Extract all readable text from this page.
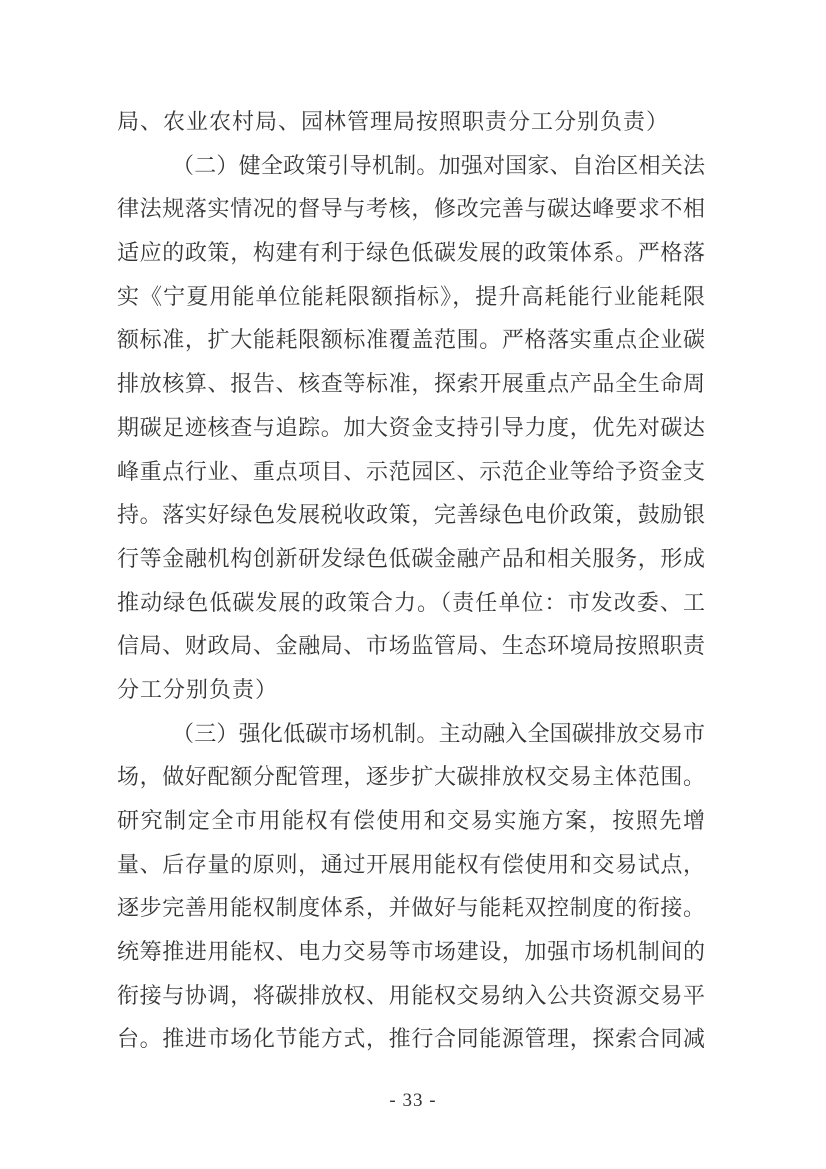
局、农业农村局、园林管理局按照职责分工分别负责）
（二）健全政策引导机制。加强对国家、自治区相关法
律法规落实情况的督导与考核，修改完善与碳达峰要求不相
适应的政策，构建有利于绿色低碳发展的政策体系。严格落
实《宁夏用能单位能耗限额指标》，提升高耗能行业能耗限
额标准，扩大能耗限额标准覆盖范围。严格落实重点企业碳
排放核算、报告、核查等标准，探索开展重点产品全生命周
期碳足迹核查与追踪。加大资金支持引导力度，优先对碳达
峰重点行业、重点项目、示范园区、示范企业等给予资金支
持。落实好绿色发展税收政策，完善绿色电价政策，鼓励银
行等金融机构创新研发绿色低碳金融产品和相关服务，形成
推动绿色低碳发展的政策合力。（责任单位：市发改委、工
信局、财政局、金融局、市场监管局、生态环境局按照职责
分工分别负责）
（三）强化低碳市场机制。主动融入全国碳排放交易市
场，做好配额分配管理，逐步扩大碳排放权交易主体范围。
研究制定全市用能权有偿使用和交易实施方案，按照先增
量、后存量的原则，通过开展用能权有偿使用和交易试点，
逐步完善用能权制度体系，并做好与能耗双控制度的衔接。
统筹推进用能权、电力交易等市场建设，加强市场机制间的
衔接与协调，将碳排放权、用能权交易纳入公共资源交易平
台。推进市场化节能方式，推行合同能源管理，探索合同减
- 33 -
